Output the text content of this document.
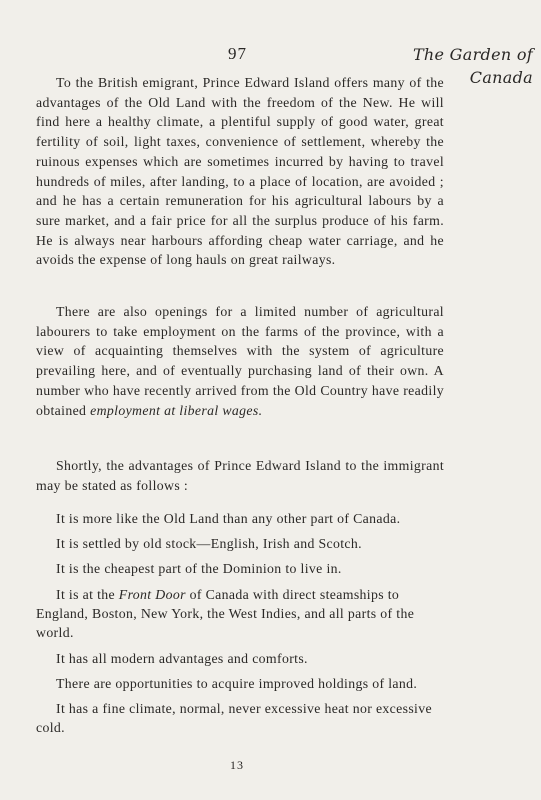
97	The Garden of
Canada

To the British emigrant, Prince Edward Island offers many of the advantages of the Old Land with the freedom of the New. He will find here a healthy climate, a plentiful supply of good water, great fertility of soil, light taxes, convenience of settlement, whereby the ruinous expenses which are sometimes incurred by having to travel hundreds of miles, after landing, to a place of location, are avoided ; and he has a certain remuneration for his agricultural labours by a sure market, and a fair price for all the surplus produce of his farm. He is always near harbours affording cheap water carriage, and he avoids the expense of long hauls on great railways.

There are also openings for a limited number of agricultural labourers to take employment on the farms of the province, with a view of acquainting themselves with the system of agriculture prevailing here, and of eventually purchasing land of their own. A number who have recently arrived from the Old Country have readily obtained employment at liberal wages.

Shortly, the advantages of Prince Edward Island to the immigrant may be stated as follows :

It is more like the Old Land than any other part of Canada.

It is settled by old stock—English, Irish and Scotch.

It is the cheapest part of the Dominion to live in.

It is at the Front Door of Canada with direct steamships to England, Boston, New York, the West Indies, and all parts of the world.

It has all modern advantages and comforts.

There are opportunities to acquire improved holdings of land.

It has a fine climate, normal, never excessive heat nor excessive cold.

13
